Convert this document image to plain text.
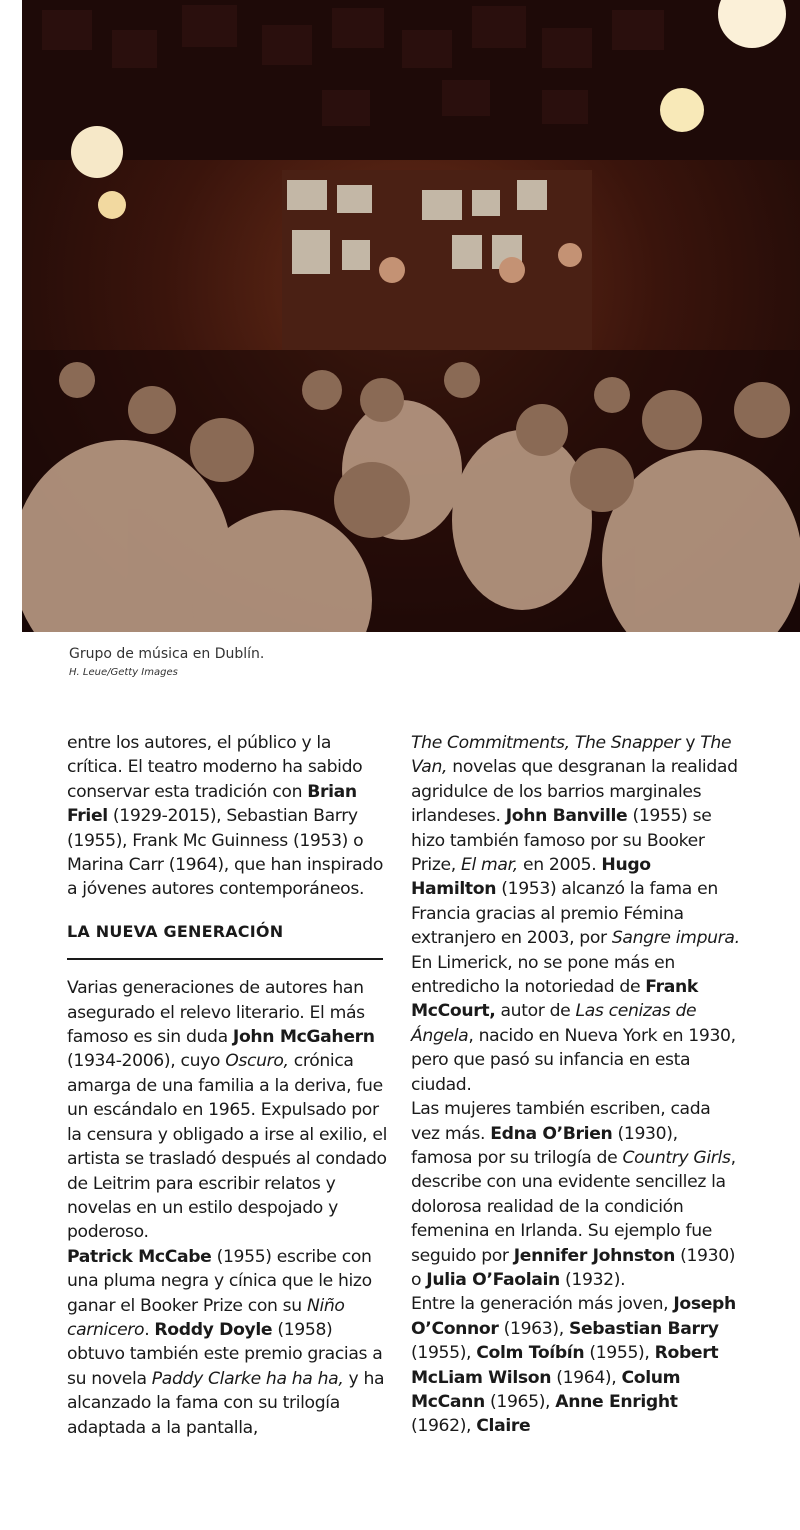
Grupo de música en Dublín.
H. Leue/Getty Images

entre los autores, el público y la crítica. El teatro moderno ha sabido conservar esta tradición con Brian Friel (1929-2015), Sebastian Barry (1955), Frank Mc Guinness (1953) o Marina Carr (1964), que han inspirado a jóvenes autores contemporáneos.

LA NUEVA GENERACIÓN

Varias generaciones de autores han asegurado el relevo literario. El más famoso es sin duda John McGahern (1934-2006), cuyo Oscuro, crónica amarga de una familia a la deriva, fue un escándalo en 1965. Expulsado por la censura y obligado a irse al exilio, el artista se trasladó después al condado de Leitrim para escribir relatos y novelas en un estilo despojado y poderoso.

Patrick McCabe (1955) escribe con una pluma negra y cínica que le hizo ganar el Booker Prize con su Niño carnicero. Roddy Doyle (1958) obtuvo también este premio gracias a su novela Paddy Clarke ha ha ha, y ha alcanzado la fama con su trilogía adaptada a la pantalla,

The Commitments, The Snapper y The Van, novelas que desgranan la realidad agridulce de los barrios marginales irlandeses. John Banville (1955) se hizo también famoso por su Booker Prize, El mar, en 2005. Hugo Hamilton (1953) alcanzó la fama en Francia gracias al premio Fémina extranjero en 2003, por Sangre impura. En Limerick, no se pone más en entredicho la notoriedad de Frank McCourt, autor de Las cenizas de Ángela, nacido en Nueva York en 1930, pero que pasó su infancia en esta ciudad.

Las mujeres también escriben, cada vez más. Edna O’Brien (1930), famosa por su trilogía de Country Girls, describe con una evidente sencillez la dolorosa realidad de la condición femenina en Irlanda. Su ejemplo fue seguido por Jennifer Johnston (1930) o Julia O’Faolain (1932).

Entre la generación más joven, Joseph O’Connor (1963), Sebastian Barry (1955), Colm Toíbín (1955), Robert McLiam Wilson (1964), Colum McCann (1965), Anne Enright (1962), Claire
